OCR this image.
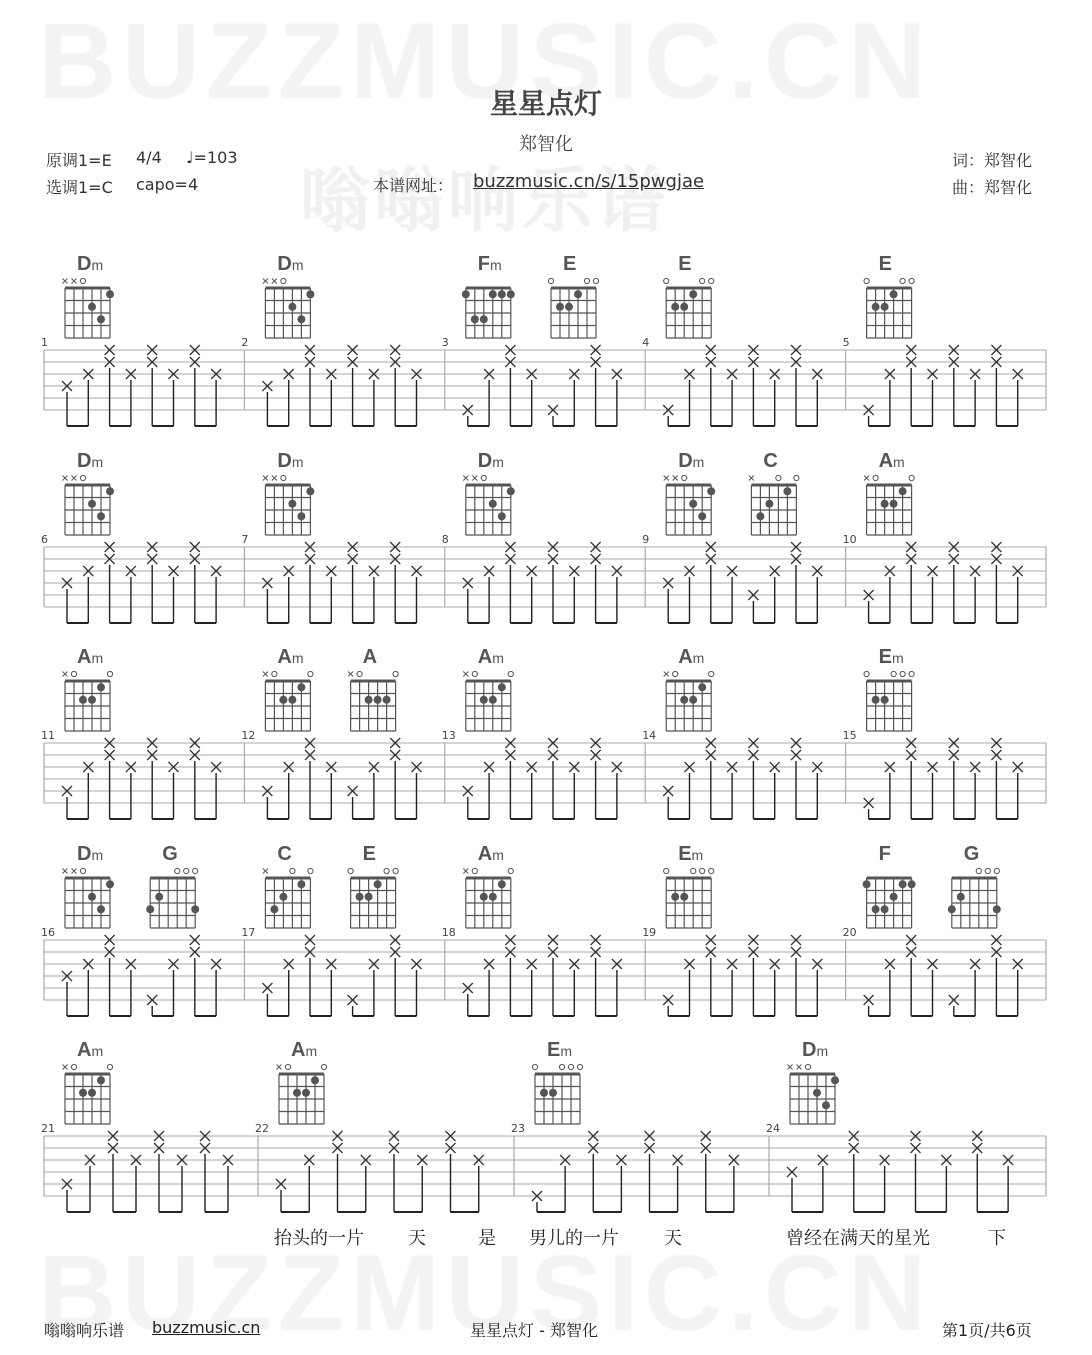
星星点灯
郑智化
原调1=E 4/4 ♩=103
选调1=C capo=4	本谱网址： buzzmusic.cn/s/15pwgjae
词：郑智化
曲：郑智化
1
Dm
2
Dm
3
Fm	E
4
E
5
E
6
Dm
7
Dm
8
Dm
9
Dm	C
10
Am
11
Am
12
Am	A
13
Am
14
Am
15
Em
16
Dm	G
17
C	E
18
Am
19
Em
20
F	G
21
Am
22
Am
23
Em
24
Dm
抬头的一片 天	是 男儿的一片	天	曾经在满天的星光	下
嗡嗡响乐谱 buzzmusic.cn	星星点灯 - 郑智化	第1页/共6页
